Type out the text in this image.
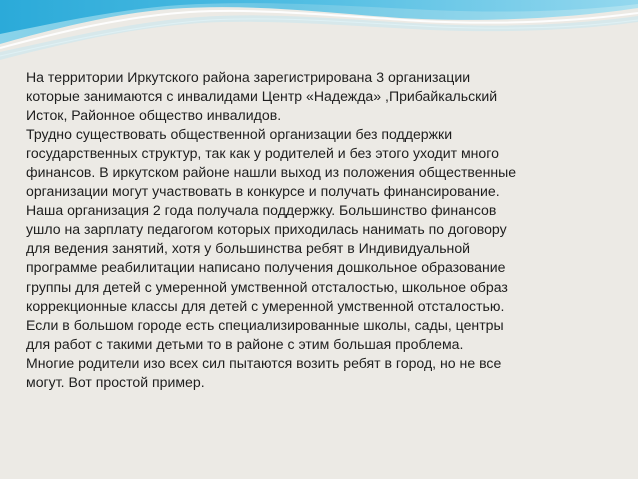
На территории Иркутского района зарегистрирована 3 организации
которые занимаются с инвалидами Центр «Надежда» ,Прибайкальский
Исток, Районное общество инвалидов.
Трудно существовать общественной организации без поддержки
государственных структур, так как у родителей и без этого уходит много
финансов. В иркутском районе нашли выход из положения общественные
организации могут участвовать в конкурсе и получать финансирование.
Наша организация 2 года получала поддержку. Большинство финансов
ушло на зарплату педагогом которых приходилась нанимать по договору
для ведения занятий, хотя у большинства ребят в Индивидуальной
программе реабилитации написано получения дошкольное образование
группы для детей с умеренной умственной отсталостью, школьное образ
коррекционные классы для детей с умеренной умственной отсталостью.
Если в большом городе есть специализированные школы, сады, центры
для работ с такими детьми то в районе с этим большая проблема.
Многие родители изо всех сил пытаются возить ребят в город, но не все
могут. Вот простой пример.
